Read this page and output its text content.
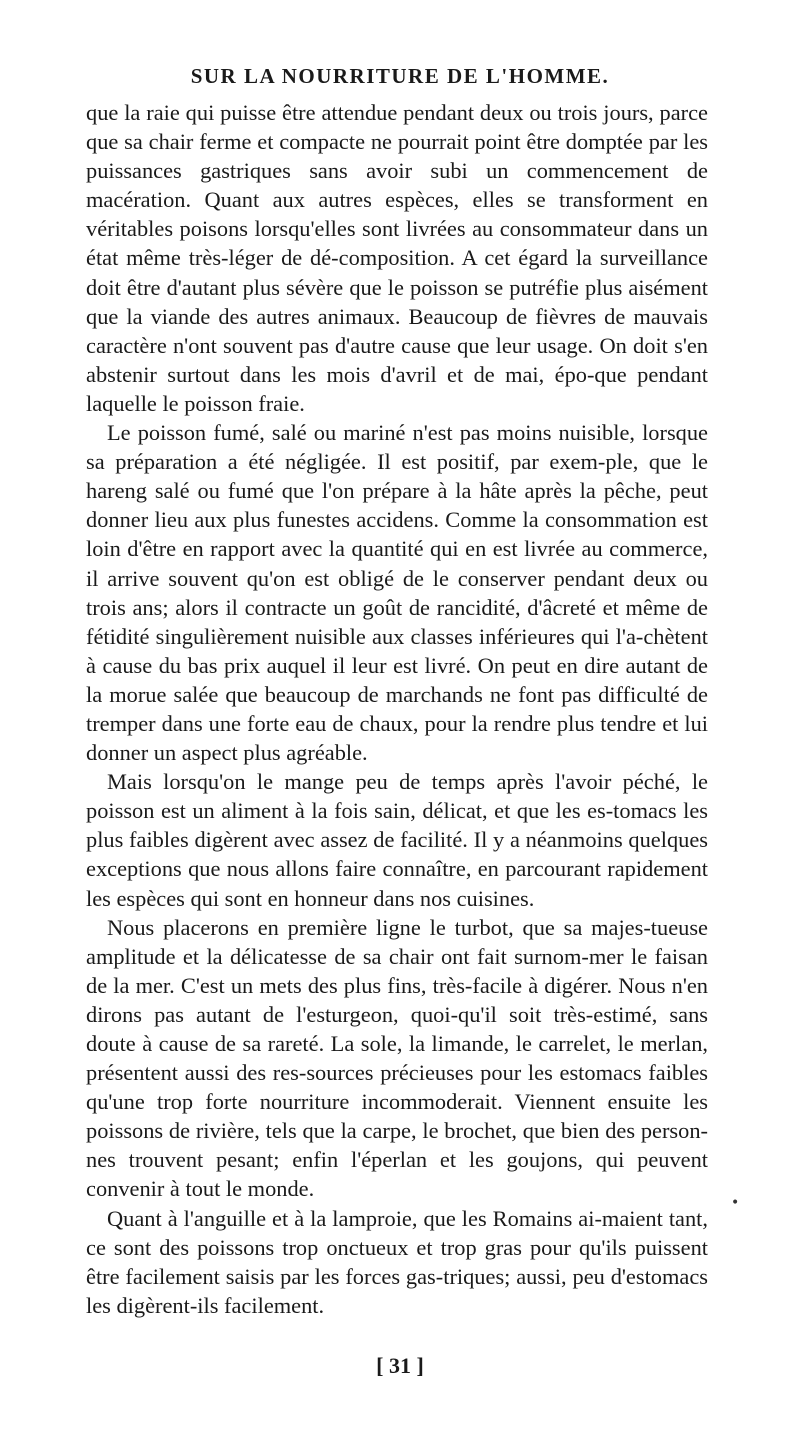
SUR LA NOURRITURE DE L'HOMME.

que la raie qui puisse être attendue pendant deux ou trois jours, parce que sa chair ferme et compacte ne pourrait point être domptée par les puissances gastriques sans avoir subi un commencement de macération. Quant aux autres espèces, elles se transforment en véritables poisons lorsqu'elles sont livrées au consommateur dans un état même très-léger de dé-composition. A cet égard la surveillance doit être d'autant plus sévère que le poisson se putréfie plus aisément que la viande des autres animaux. Beaucoup de fièvres de mauvais caractère n'ont souvent pas d'autre cause que leur usage. On doit s'en abstenir surtout dans les mois d'avril et de mai, épo-que pendant laquelle le poisson fraie.

Le poisson fumé, salé ou mariné n'est pas moins nuisible, lorsque sa préparation a été négligée. Il est positif, par exem-ple, que le hareng salé ou fumé que l'on prépare à la hâte après la pêche, peut donner lieu aux plus funestes accidens. Comme la consommation est loin d'être en rapport avec la quantité qui en est livrée au commerce, il arrive souvent qu'on est obligé de le conserver pendant deux ou trois ans; alors il contracte un goût de rancidité, d'âcreté et même de fétidité singulièrement nuisible aux classes inférieures qui l'a-chètent à cause du bas prix auquel il leur est livré. On peut en dire autant de la morue salée que beaucoup de marchands ne font pas difficulté de tremper dans une forte eau de chaux, pour la rendre plus tendre et lui donner un aspect plus agréable.

Mais lorsqu'on le mange peu de temps après l'avoir péché, le poisson est un aliment à la fois sain, délicat, et que les es-tomacs les plus faibles digèrent avec assez de facilité. Il y a néanmoins quelques exceptions que nous allons faire connaître, en parcourant rapidement les espèces qui sont en honneur dans nos cuisines.

Nous placerons en première ligne le turbot, que sa majes-tueuse amplitude et la délicatesse de sa chair ont fait surnom-mer le faisan de la mer. C'est un mets des plus fins, très-facile à digérer. Nous n'en dirons pas autant de l'esturgeon, quoi-qu'il soit très-estimé, sans doute à cause de sa rareté. La sole, la limande, le carrelet, le merlan, présentent aussi des res-sources précieuses pour les estomacs faibles qu'une trop forte nourriture incommoderait. Viennent ensuite les poissons de rivière, tels que la carpe, le brochet, que bien des person-nes trouvent pesant; enfin l'éperlan et les goujons, qui peuvent convenir à tout le monde.

Quant à l'anguille et à la lamproie, que les Romains ai-maient tant, ce sont des poissons trop onctueux et trop gras pour qu'ils puissent être facilement saisis par les forces gas-triques; aussi, peu d'estomacs les digèrent-ils facilement.

•
[ 31 ]
